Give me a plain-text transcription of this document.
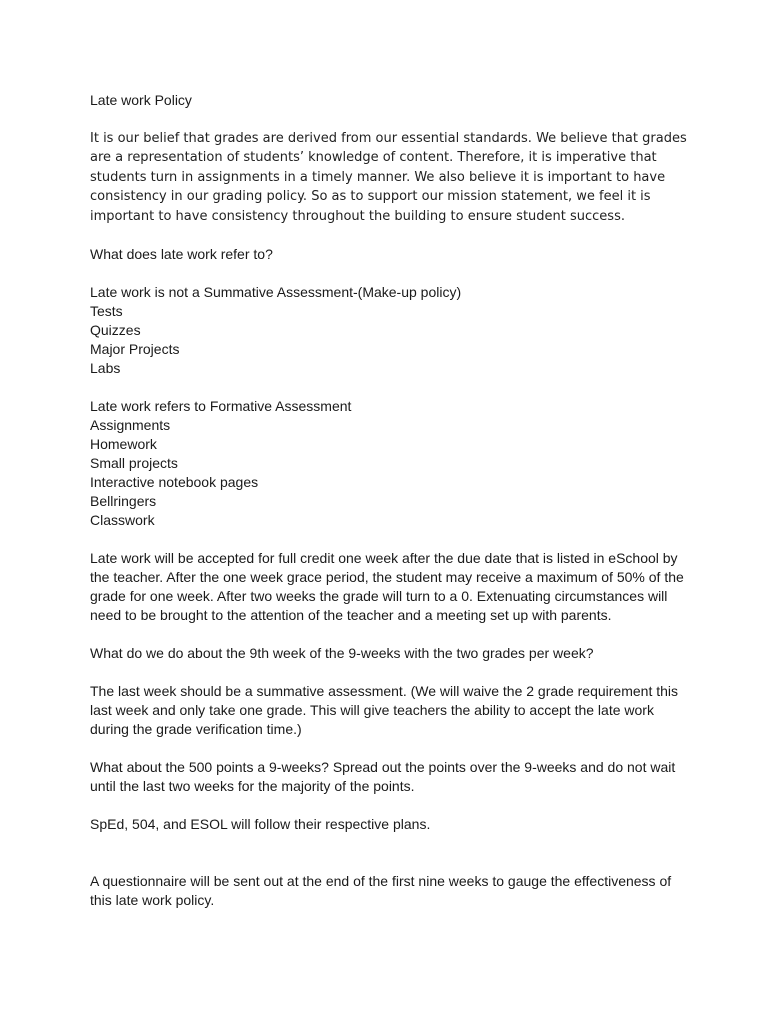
Late work Policy

It is our belief that grades are derived from our essential standards. We believe that grades are a representation of students’ knowledge of content. Therefore, it is imperative that students turn in assignments in a timely manner. We also believe it is important to have consistency in our grading policy. So as to support our mission statement, we feel it is important to have consistency throughout the building to ensure student success.

What does late work refer to?

Late work is not a Summative Assessment-(Make-up policy)

Tests
Quizzes
Major Projects
Labs

Late work refers to Formative Assessment

Assignments
Homework
Small projects
Interactive notebook pages
Bellringers
Classwork

Late work will be accepted for full credit one week after the due date that is listed in eSchool by the teacher. After the one week grace period, the student may receive a maximum of 50% of the grade for one week. After two weeks the grade will turn to a 0. Extenuating circumstances will need to be brought to the attention of the teacher and a meeting set up with parents.

What do we do about the 9th week of the 9-weeks with the two grades per week?

The last week should be a summative assessment. (We will waive the 2 grade requirement this last week and only take one grade. This will give teachers the ability to accept the late work during the grade verification time.)

What about the 500 points a 9-weeks? Spread out the points over the 9-weeks and do not wait until the last two weeks for the majority of the points.

SpEd, 504, and ESOL will follow their respective plans.

A questionnaire will be sent out at the end of the first nine weeks to gauge the effectiveness of this late work policy.
